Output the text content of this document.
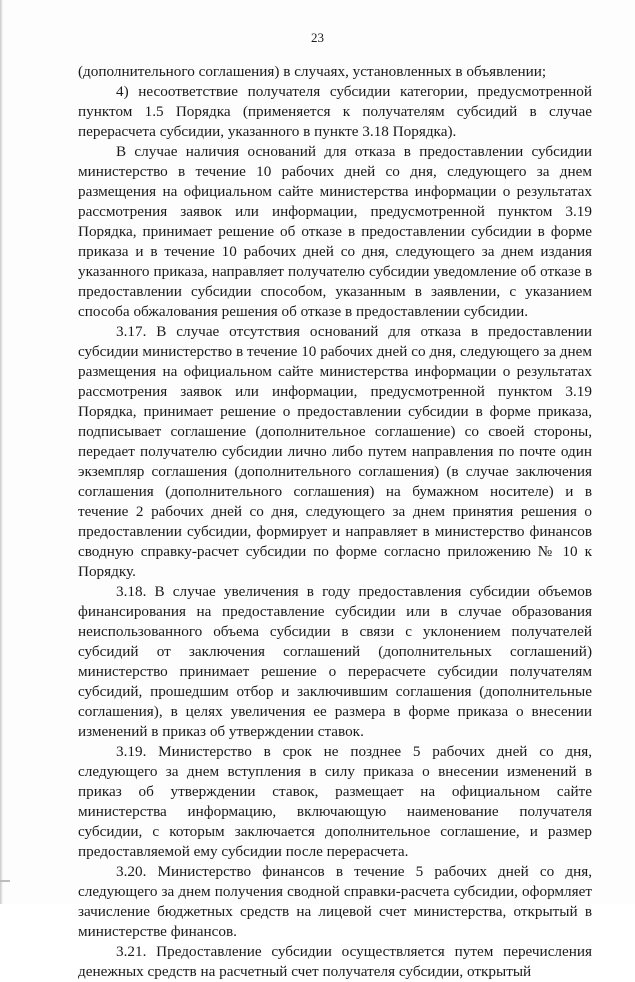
23

(дополнительного соглашения) в случаях, установленных в объявлении;

4) несоответствие получателя субсидии категории, предусмотренной пунктом 1.5 Порядка (применяется к получателям субсидий в случае перерасчета субсидии, указанного в пункте 3.18 Порядка).

В случае наличия оснований для отказа в предоставлении субсидии министерство в течение 10 рабочих дней со дня, следующего за днем размещения на официальном сайте министерства информации о результатах рассмотрения заявок или информации, предусмотренной пунктом 3.19 Порядка, принимает решение об отказе в предоставлении субсидии в форме приказа и в течение 10 рабочих дней со дня, следующего за днем издания указанного приказа, направляет получателю субсидии уведомление об отказе в предоставлении субсидии способом, указанным в заявлении, с указанием способа обжалования решения об отказе в предоставлении субсидии.

3.17. В случае отсутствия оснований для отказа в предоставлении субсидии министерство в течение 10 рабочих дней со дня, следующего за днем размещения на официальном сайте министерства информации о результатах рассмотрения заявок или информации, предусмотренной пунктом 3.19 Порядка, принимает решение о предоставлении субсидии в форме приказа, подписывает соглашение (дополнительное соглашение) со своей стороны, передает получателю субсидии лично либо путем направления по почте один экземпляр соглашения (дополнительного соглашения) (в случае заключения соглашения (дополнительного соглашения) на бумажном носителе) и в течение 2 рабочих дней со дня, следующего за днем принятия решения о предоставлении субсидии, формирует и направляет в министерство финансов сводную справку-расчет субсидии по форме согласно приложению № 10 к Порядку.

3.18. В случае увеличения в году предоставления субсидии объемов финансирования на предоставление субсидии или в случае образования неиспользованного объема субсидии в связи с уклонением получателей субсидий от заключения соглашений (дополнительных соглашений) министерство принимает решение о перерасчете субсидии получателям субсидий, прошедшим отбор и заключившим соглашения (дополнительные соглашения), в целях увеличения ее размера в форме приказа о внесении изменений в приказ об утверждении ставок.

3.19. Министерство в срок не позднее 5 рабочих дней со дня, следующего за днем вступления в силу приказа о внесении изменений в приказ об утверждении ставок, размещает на официальном сайте министерства информацию, включающую наименование получателя субсидии, с которым заключается дополнительное соглашение, и размер предоставляемой ему субсидии после перерасчета.

3.20. Министерство финансов в течение 5 рабочих дней со дня, следующего за днем получения сводной справки-расчета субсидии, оформляет зачисление бюджетных средств на лицевой счет министерства, открытый в министерстве финансов.

3.21. Предоставление субсидии осуществляется путем перечисления денежных средств на расчетный счет получателя субсидии, открытый
